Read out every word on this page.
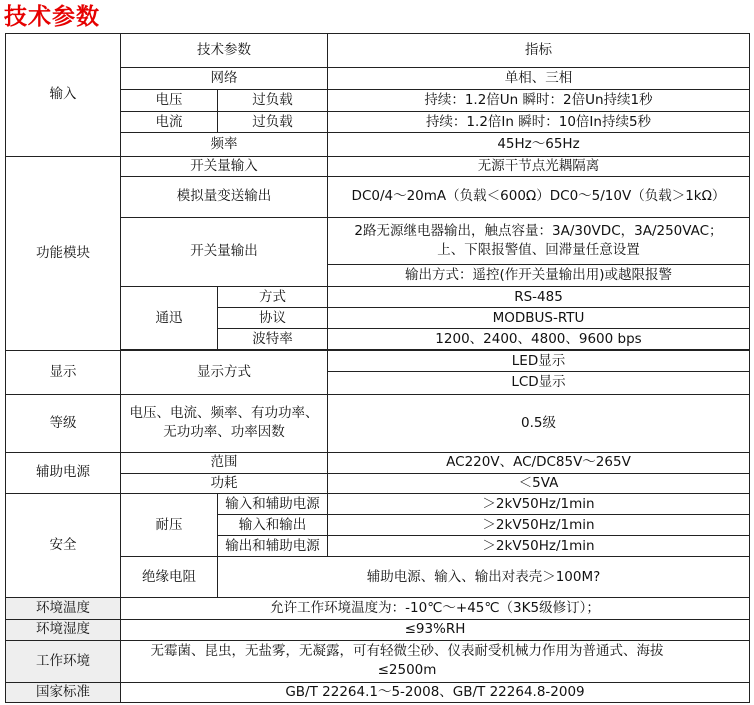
技术参数
输入	技术参数		指标
	网络		单相、三相
	电压	过负载	持续：1.2倍Un 瞬时：2倍Un持续1秒
	电流	过负载	持续：1.2倍In 瞬时：10倍In持续5秒
	频率		45Hz～65Hz
功能模块	开关量输入		无源干节点光耦隔离
	模拟量变送输出		DC0/4～20mA（负载＜600Ω）DC0～5/10V（负载＞1kΩ）
	开关量输出		2路无源继电器输出，触点容量：3A/30VDC，3A/250VAC；
上、下限报警值、回滞量任意设置

			输出方式：遥控(作开关量输出用)或越限报警
	通迅	方式	RS-485
		协议	MODBUS-RTU
		波特率	1200、2400、4800、9600 bps

显示	显示方式		LED显示
			LCD显示
等级	电压、电流、频率、有功功率、无功功率、功率因数		0.5级
辅助电源	范围		AC220V、AC/DC85V～265V
	功耗		＜5VA
安全	耐压	输入和辅助电源	＞2kV50Hz/1min
		输入和输出	＞2kV50Hz/1min
		输出和辅助电源	＞2kV50Hz/1min
	绝缘电阻	辅助电源、输入、输出对表壳＞100M?	
环境温度	允许工作环境温度为：-10℃～+45℃（3K5级修订）；		
环境湿度	≤93%RH		
工作环境	无霉菌、昆虫，无盐雾，无凝露，可有轻微尘砂、仪表耐受机械力作用为普通式、海拔≤2500m		
国家标准	GB/T 22264.1～5-2008、GB/T 22264.8-2009		
